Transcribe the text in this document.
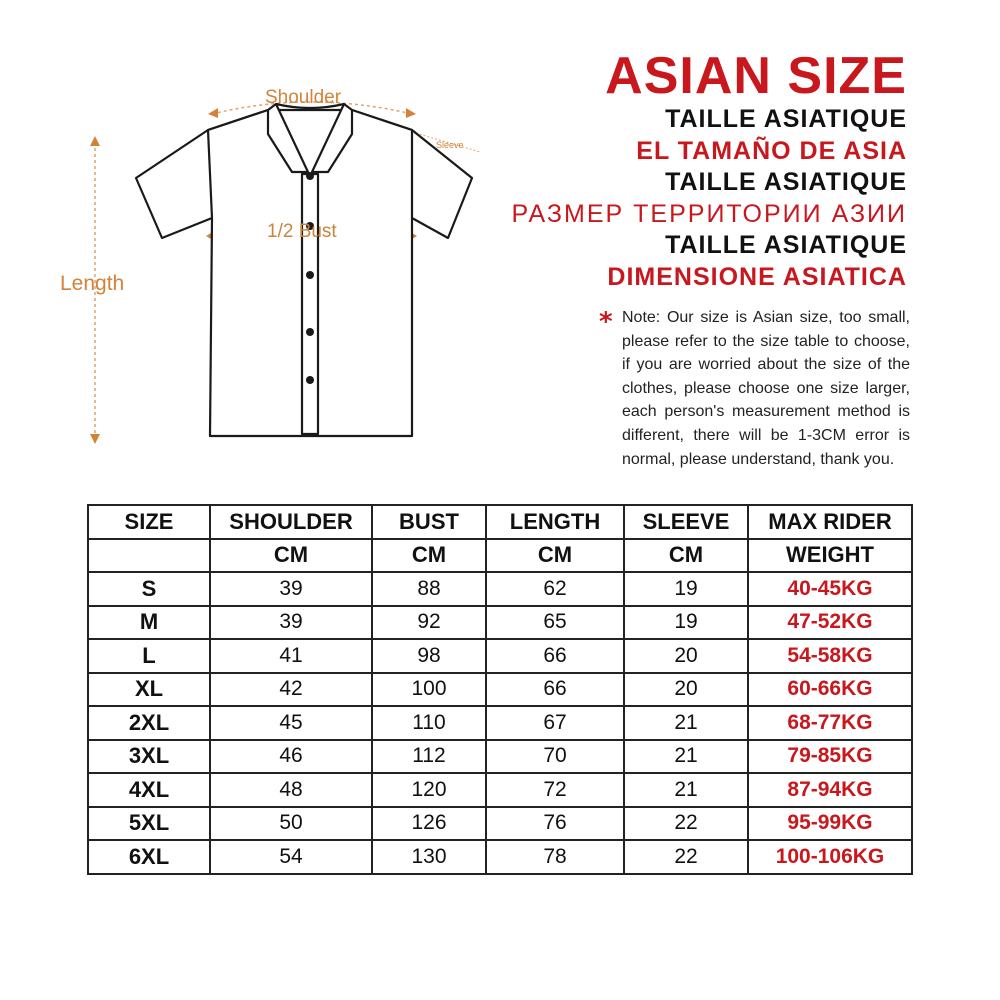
Shoulder
1/2 Bust
Length
Sleeve
ASIAN SIZE
TAILLE ASIATIQUE
EL TAMAÑO DE ASIA
TAILLE ASIATIQUE
РАЗМЕР ТЕРРИТОРИИ АЗИИ
TAILLE ASIATIQUE
DIMENSIONE ASIATICA
* Note: Our size is Asian size, too small, please refer to the size table to choose, if you are worried about the size of the clothes, please choose one size larger, each person's measurement method is different, there will be 1-3CM error is normal, please understand, thank you.
SIZE	SHOULDER	BUST	LENGTH	SLEEVE	MAX RIDER
	CM	CM	CM	CM	WEIGHT
S	39	88	62	19	40-45KG
M	39	92	65	19	47-52KG
L	41	98	66	20	54-58KG
XL	42	100	66	20	60-66KG
2XL	45	110	67	21	68-77KG
3XL	46	112	70	21	79-85KG
4XL	48	120	72	21	87-94KG
5XL	50	126	76	22	95-99KG
6XL	54	130	78	22	100-106KG
